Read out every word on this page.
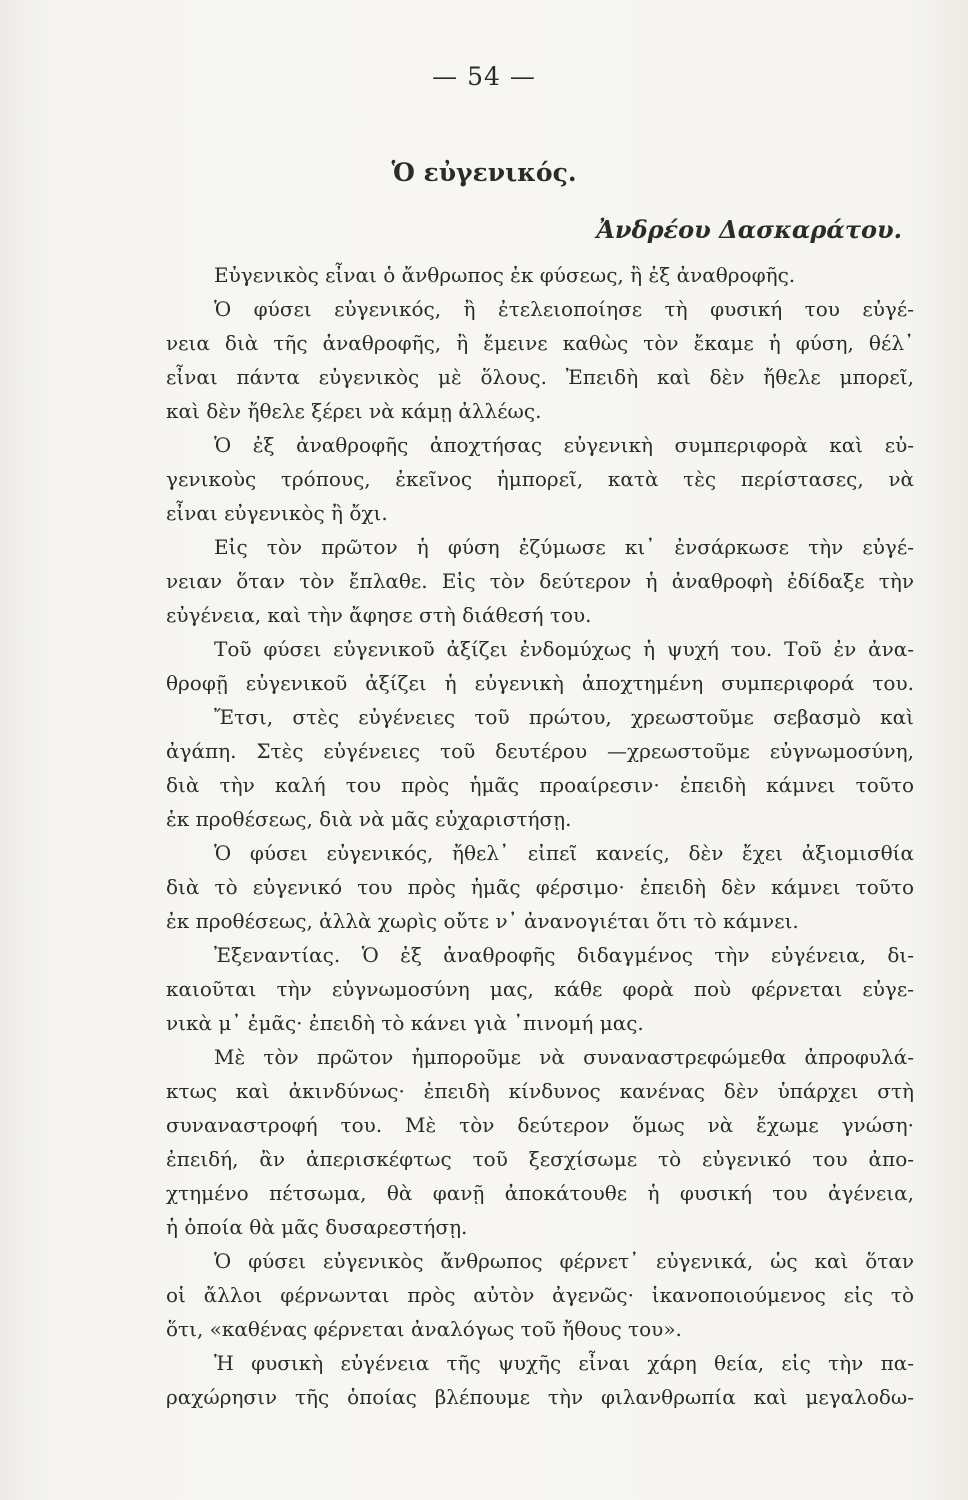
— 54 —
Ὁ εὐγενικός.
Ἀνδρέου Δασκαράτου.
Εὐγενικὸς εἶναι ὁ ἄνθρωπος ἐκ φύσεως, ἢ ἐξ ἀναθροφῆς.
Ὁ φύσει εὐγενικός, ἢ ἐτελειοποίησε τὴ φυσική του εὐγέ-
νεια διὰ τῆς ἀναθροφῆς, ἢ ἔμεινε καθὼς τὸν ἔκαμε ἡ φύση, θέλ᾽
εἶναι πάντα εὐγενικὸς μὲ ὅλους. Ἐπειδὴ καὶ δὲν ἤθελε μπορεῖ,
καὶ δὲν ἤθελε ξέρει νὰ κάμῃ ἀλλέως.
Ὁ ἐξ ἀναθροφῆς ἀποχτήσας εὐγενικὴ συμπεριφορὰ καὶ εὐ-
γενικοὺς τρόπους, ἐκεῖνος ἠμπορεῖ, κατὰ τὲς περίστασες, νὰ
εἶναι εὐγενικὸς ἢ ὄχι.
Εἰς τὸν πρῶτον ἡ φύση ἐζύμωσε κι᾽ ἐνσάρκωσε τὴν εὐγέ-
νειαν ὅταν τὸν ἔπλαθε. Εἰς τὸν δεύτερον ἡ ἀναθροφὴ ἐδίδαξε τὴν
εὐγένεια, καὶ τὴν ἄφησε στὴ διάθεσή του.
Τοῦ φύσει εὐγενικοῦ ἀξίζει ἐνδομύχως ἡ ψυχή του. Τοῦ ἐν ἀνα-
θροφῇ εὐγενικοῦ ἀξίζει ἡ εὐγενικὴ ἀποχτημένη συμπεριφορά του.
Ἔτσι, στὲς εὐγένειες τοῦ πρώτου, χρεωστοῦμε σεβασμὸ καὶ
ἀγάπη. Στὲς εὐγένειες τοῦ δευτέρου —χρεωστοῦμε εὐγνωμοσύνη,
διὰ τὴν καλή του πρὸς ἡμᾶς προαίρεσιν· ἐπειδὴ κάμνει τοῦτο
ἐκ προθέσεως, διὰ νὰ μᾶς εὐχαριστήσῃ.
Ὁ φύσει εὐγενικός, ἤθελ᾽ εἰπεῖ κανείς, δὲν ἔχει ἀξιομισθία
διὰ τὸ εὐγενικό του πρὸς ἡμᾶς φέρσιμο· ἐπειδὴ δὲν κάμνει τοῦτο
ἐκ προθέσεως, ἀλλὰ χωρὶς οὔτε ν᾽ ἀνανογιέται ὅτι τὸ κάμνει.
Ἐξεναντίας. Ὁ ἐξ ἀναθροφῆς διδαγμένος τὴν εὐγένεια, δι-
καιοῦται τὴν εὐγνωμοσύνη μας, κάθε φορὰ ποὺ φέρνεται εὐγε-
νικὰ μ᾽ ἐμᾶς· ἐπειδὴ τὸ κάνει γιὰ ᾽πινομή μας.
Μὲ τὸν πρῶτον ἠμποροῦμε νὰ συναναστρεφώμεθα ἀπροφυλά-
κτως καὶ ἀκινδύνως· ἐπειδὴ κίνδυνος κανένας δὲν ὑπάρχει στὴ
συναναστροφή του. Μὲ τὸν δεύτερον ὅμως νὰ ἔχωμε γνώση·
ἐπειδή, ἂν ἀπερισκέφτως τοῦ ξεσχίσωμε τὸ εὐγενικό του ἀπο-
χτημένο πέτσωμα, θὰ φανῇ ἀποκάτουθε ἡ φυσική του ἀγένεια,
ἡ ὁποία θὰ μᾶς δυσαρεστήσῃ.
Ὁ φύσει εὐγενικὸς ἄνθρωπος φέρνετ᾽ εὐγενικά, ὡς καὶ ὅταν
οἱ ἄλλοι φέρνωνται πρὸς αὐτὸν ἀγενῶς· ἱκανοποιούμενος εἰς τὸ
ὅτι, «καθένας φέρνεται ἀναλόγως τοῦ ἤθους του».
Ἡ φυσικὴ εὐγένεια τῆς ψυχῆς εἶναι χάρη θεία, εἰς τὴν πα-
ραχώρησιν τῆς ὁποίας βλέπουμε τὴν φιλανθρωπία καὶ μεγαλοδω-
